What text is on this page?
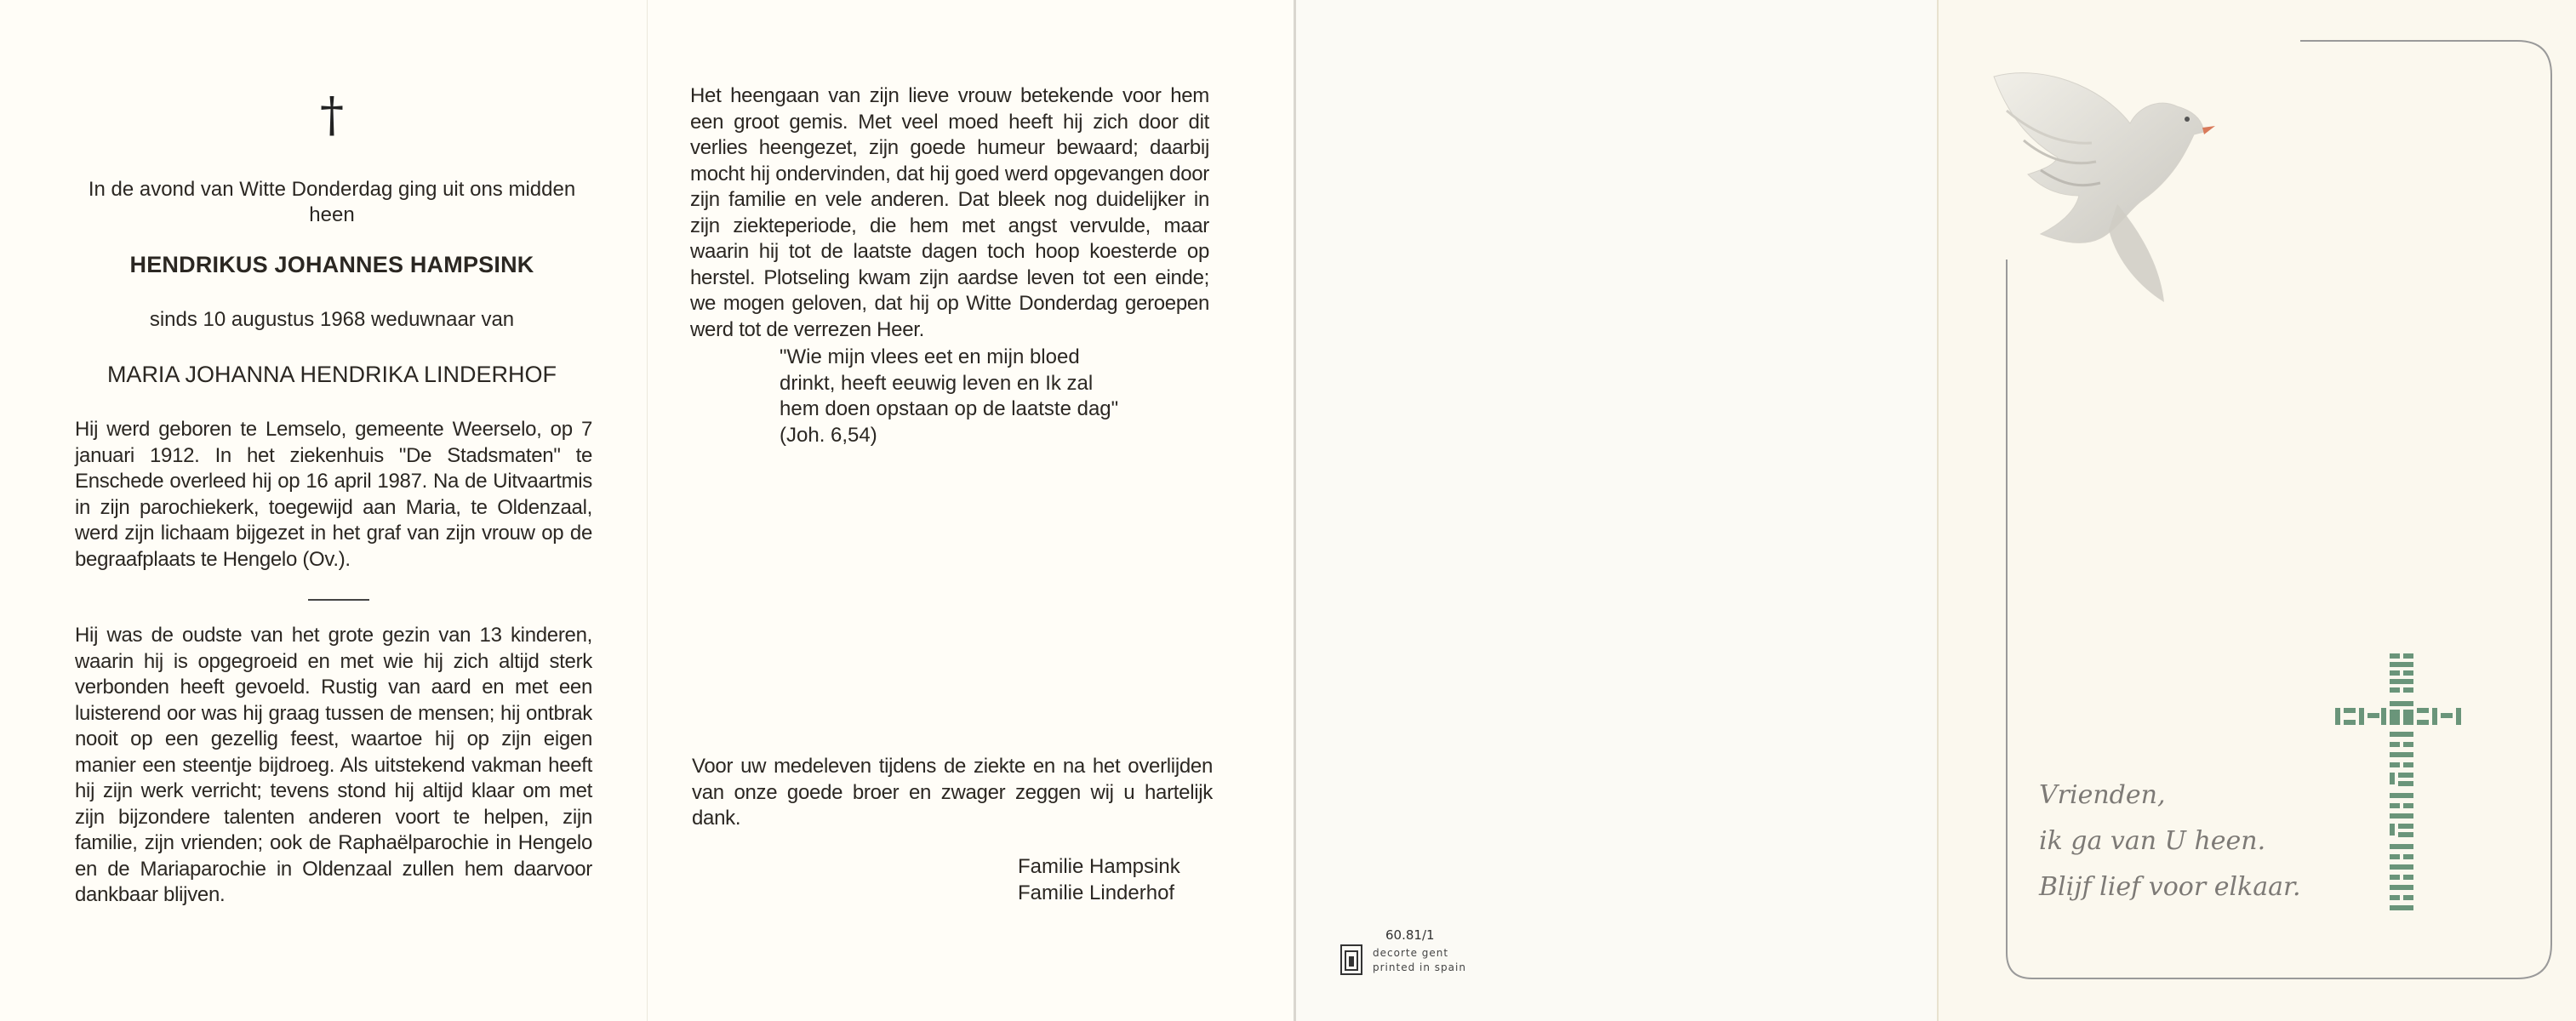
†
In de avond van Witte Donderdag ging uit ons midden heen
HENDRIKUS JOHANNES HAMPSINK
sinds 10 augustus 1968 weduwnaar van
MARIA JOHANNA HENDRIKA LINDERHOF
Hij werd geboren te Lemselo, gemeente Weerselo, op 7 januari 1912. In het ziekenhuis "De Stadsmaten" te Enschede overleed hij op 16 april 1987. Na de Uitvaartmis in zijn parochiekerk, toegewijd aan Maria, te Oldenzaal, werd zijn lichaam bijgezet in het graf van zijn vrouw op de begraafplaats te Hengelo (Ov.).
Hij was de oudste van het grote gezin van 13 kinderen, waarin hij is opgegroeid en met wie hij zich altijd sterk verbonden heeft gevoeld. Rustig van aard en met een luisterend oor was hij graag tussen de mensen; hij ontbrak nooit op een gezellig feest, waartoe hij op zijn eigen manier een steentje bijdroeg. Als uitstekend vakman heeft hij zijn werk verricht; tevens stond hij altijd klaar om met zijn bijzondere talenten anderen voort te helpen, zijn familie, zijn vrienden; ook de Raphaëlparochie in Hengelo en de Mariaparochie in Oldenzaal zullen hem daarvoor dankbaar blijven.
Het heengaan van zijn lieve vrouw betekende voor hem een groot gemis. Met veel moed heeft hij zich door dit verlies heengezet, zijn goede humeur bewaard; daarbij mocht hij ondervinden, dat hij goed werd opgevangen door zijn familie en vele anderen. Dat bleek nog duidelijker in zijn ziekteperiode, die hem met angst vervulde, maar waarin hij tot de laatste dagen toch hoop koesterde op herstel. Plotseling kwam zijn aardse leven tot een einde; we mogen geloven, dat hij op Witte Donderdag geroepen werd tot de verrezen Heer.
"Wie mijn vlees eet en mijn bloed
drinkt, heeft eeuwig leven en Ik zal
hem doen opstaan op de laatste dag"
(Joh. 6,54)
Voor uw medeleven tijdens de ziekte en na het overlijden van onze goede broer en zwager zeggen wij u hartelijk dank.
Familie Hampsink
Familie Linderhof
60.81/1
decorte gent
printed in spain
Vrienden,
ik ga van U heen.
Blijf lief voor elkaar.
